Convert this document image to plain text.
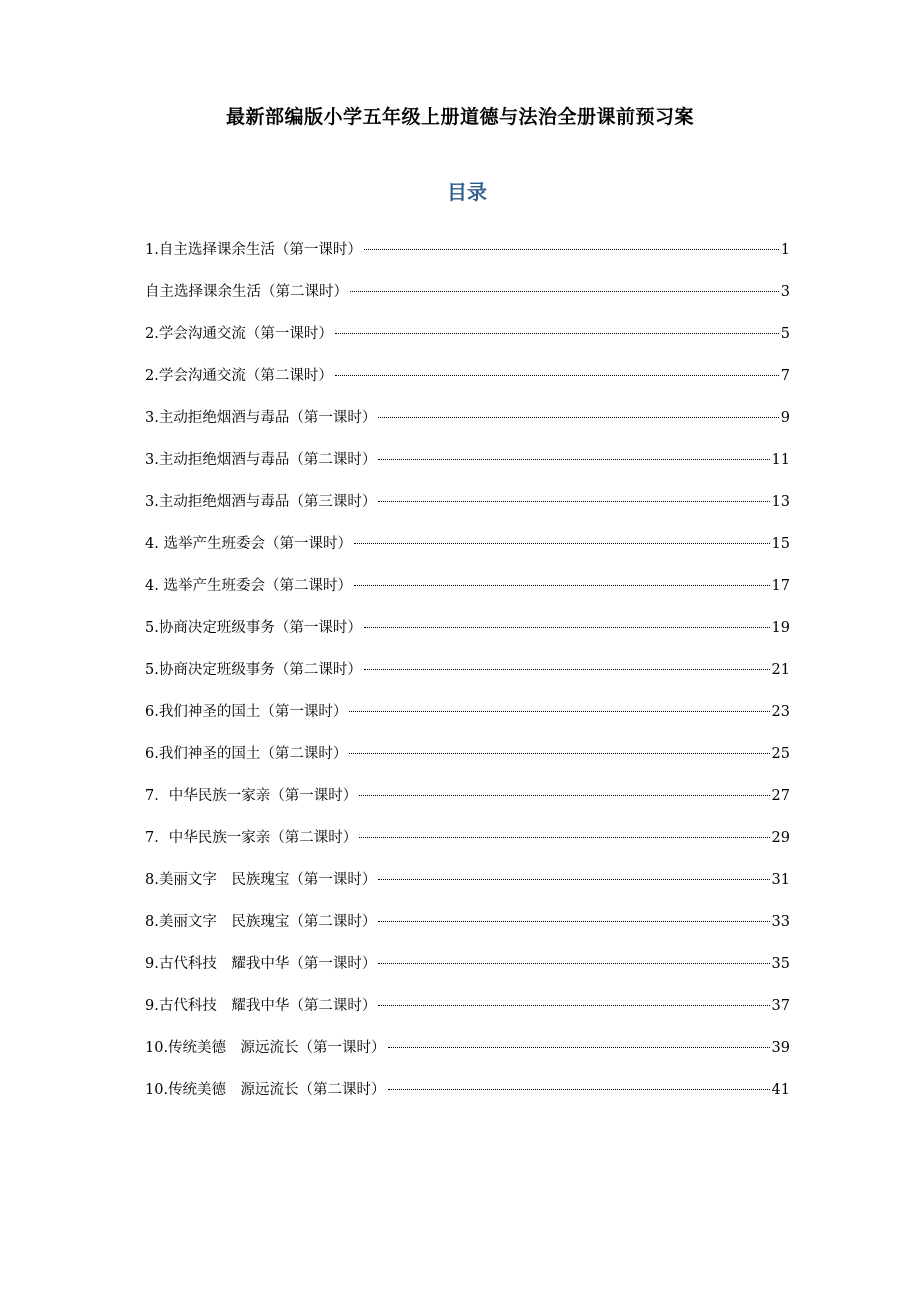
最新部编版小学五年级上册道德与法治全册课前预习案
目录
1.自主选择课余生活（第一课时）	1
自主选择课余生活（第二课时）	3
2.学会沟通交流（第一课时）	5
2.学会沟通交流（第二课时）	7
3.主动拒绝烟酒与毒品（第一课时）	9
3.主动拒绝烟酒与毒品（第二课时）	11
3.主动拒绝烟酒与毒品（第三课时）	13
4. 选举产生班委会（第一课时）	15
4. 选举产生班委会（第二课时）	17
5.协商决定班级事务（第一课时）	19
5.协商决定班级事务（第二课时）	21
6.我们神圣的国土（第一课时）	23
6.我们神圣的国土（第二课时）	25
7．中华民族一家亲（第一课时）	27
7．中华民族一家亲（第二课时）	29
8.美丽文字　民族瑰宝（第一课时）	31
8.美丽文字　民族瑰宝（第二课时）	33
9.古代科技　耀我中华（第一课时）	35
9.古代科技　耀我中华（第二课时）	37
10.传统美德　源远流长（第一课时）	39
10.传统美德　源远流长（第二课时）	41
